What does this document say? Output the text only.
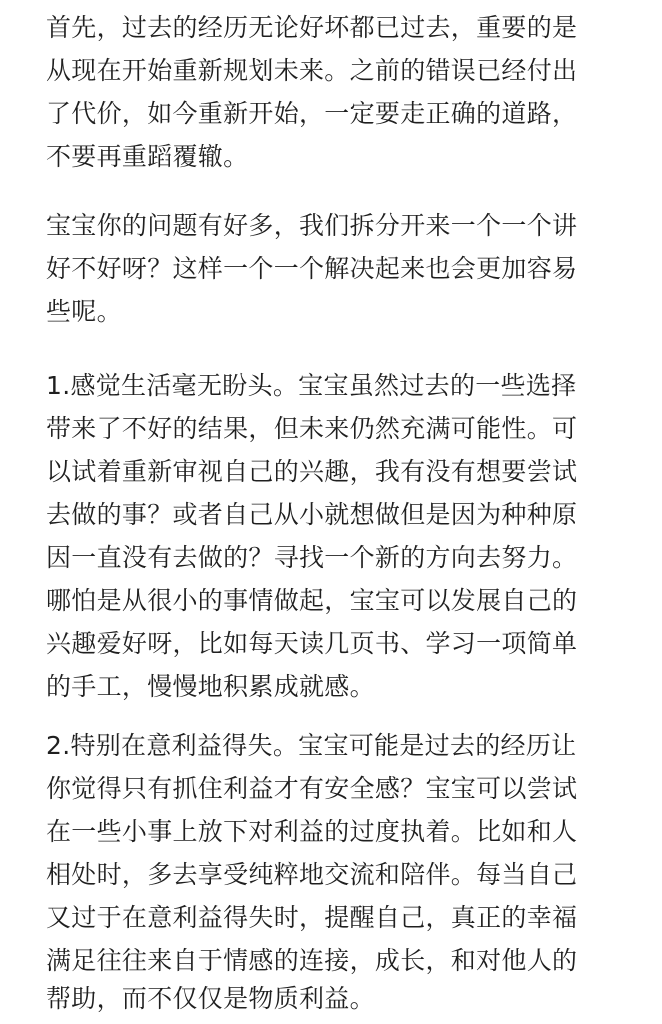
首先，过去的经历无论好坏都已过去，重要的是
从现在开始重新规划未来。之前的错误已经付出
了代价，如今重新开始，一定要走正确的道路，
不要再重蹈覆辙。
宝宝你的问题有好多，我们拆分开来一个一个讲
好不好呀？这样一个一个解决起来也会更加容易
些呢。
1.感觉生活毫无盼头。宝宝虽然过去的一些选择
带来了不好的结果，但未来仍然充满可能性。可
以试着重新审视自己的兴趣，我有没有想要尝试
去做的事？或者自己从小就想做但是因为种种原
因一直没有去做的？寻找一个新的方向去努力。
哪怕是从很小的事情做起，宝宝可以发展自己的
兴趣爱好呀，比如每天读几页书、学习一项简单
的手工，慢慢地积累成就感。
2.特别在意利益得失。宝宝可能是过去的经历让
你觉得只有抓住利益才有安全感？宝宝可以尝试
在一些小事上放下对利益的过度执着。比如和人
相处时，多去享受纯粹地交流和陪伴。每当自己
又过于在意利益得失时，提醒自己，真正的幸福
满足往往来自于情感的连接，成长，和对他人的
帮助，而不仅仅是物质利益。
